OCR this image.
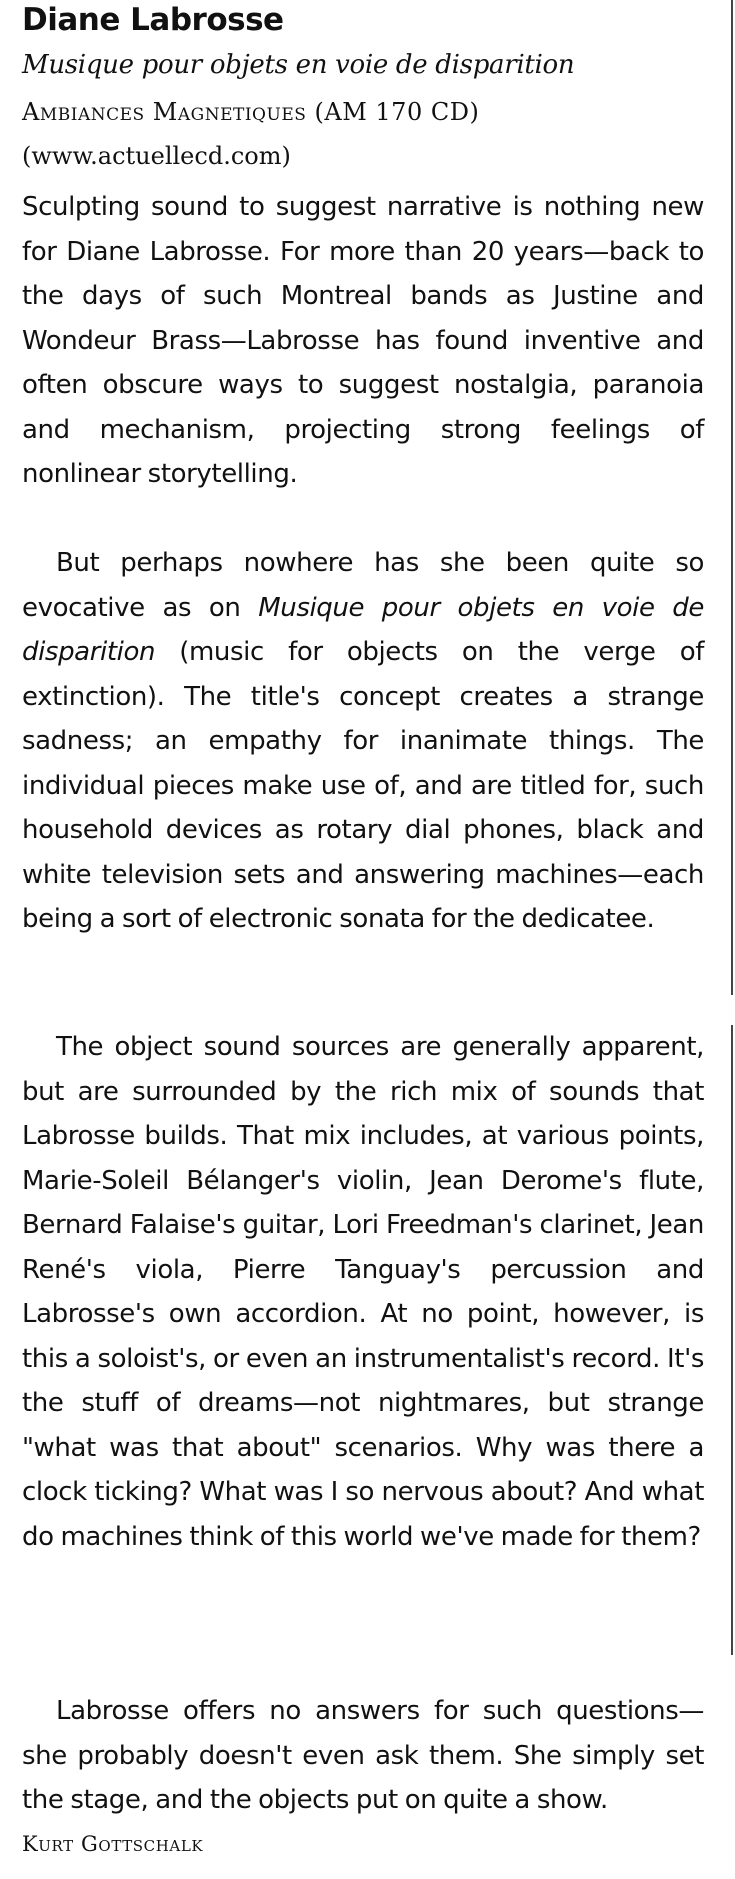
Diane Labrosse

Musique pour objets en voie de disparition

Ambiances Magnetiques (AM 170 CD)

(www.actuellecd.com)

Sculpting sound to suggest narrative is nothing new for Diane Labrosse. For more than 20 years—back to the days of such Montreal bands as Justine and Wondeur Brass—Labrosse has found inventive and often obscure ways to suggest nostalgia, paranoia and mechanism, projecting strong feelings of nonlinear storytelling.

But perhaps nowhere has she been quite so evocative as on Musique pour objets en voie de disparition (music for objects on the verge of extinction). The title's concept creates a strange sadness; an empathy for inanimate things. The individual pieces make use of, and are titled for, such household devices as rotary dial phones, black and white television sets and answering machines—each being a sort of electronic sonata for the dedicatee.

The object sound sources are generally apparent, but are surrounded by the rich mix of sounds that Labrosse builds. That mix includes, at various points, Marie-Soleil Bélanger's violin, Jean Derome's flute, Bernard Falaise's guitar, Lori Freedman's clarinet, Jean René's viola, Pierre Tanguay's percussion and Labrosse's own accordion. At no point, however, is this a soloist's, or even an instrumentalist's record. It's the stuff of dreams—not nightmares, but strange "what was that about" scenarios. Why was there a clock ticking? What was I so nervous about? And what do machines think of this world we've made for them?

Labrosse offers no answers for such questions—she probably doesn't even ask them. She simply set the stage, and the objects put on quite a show.

Kurt Gottschalk
